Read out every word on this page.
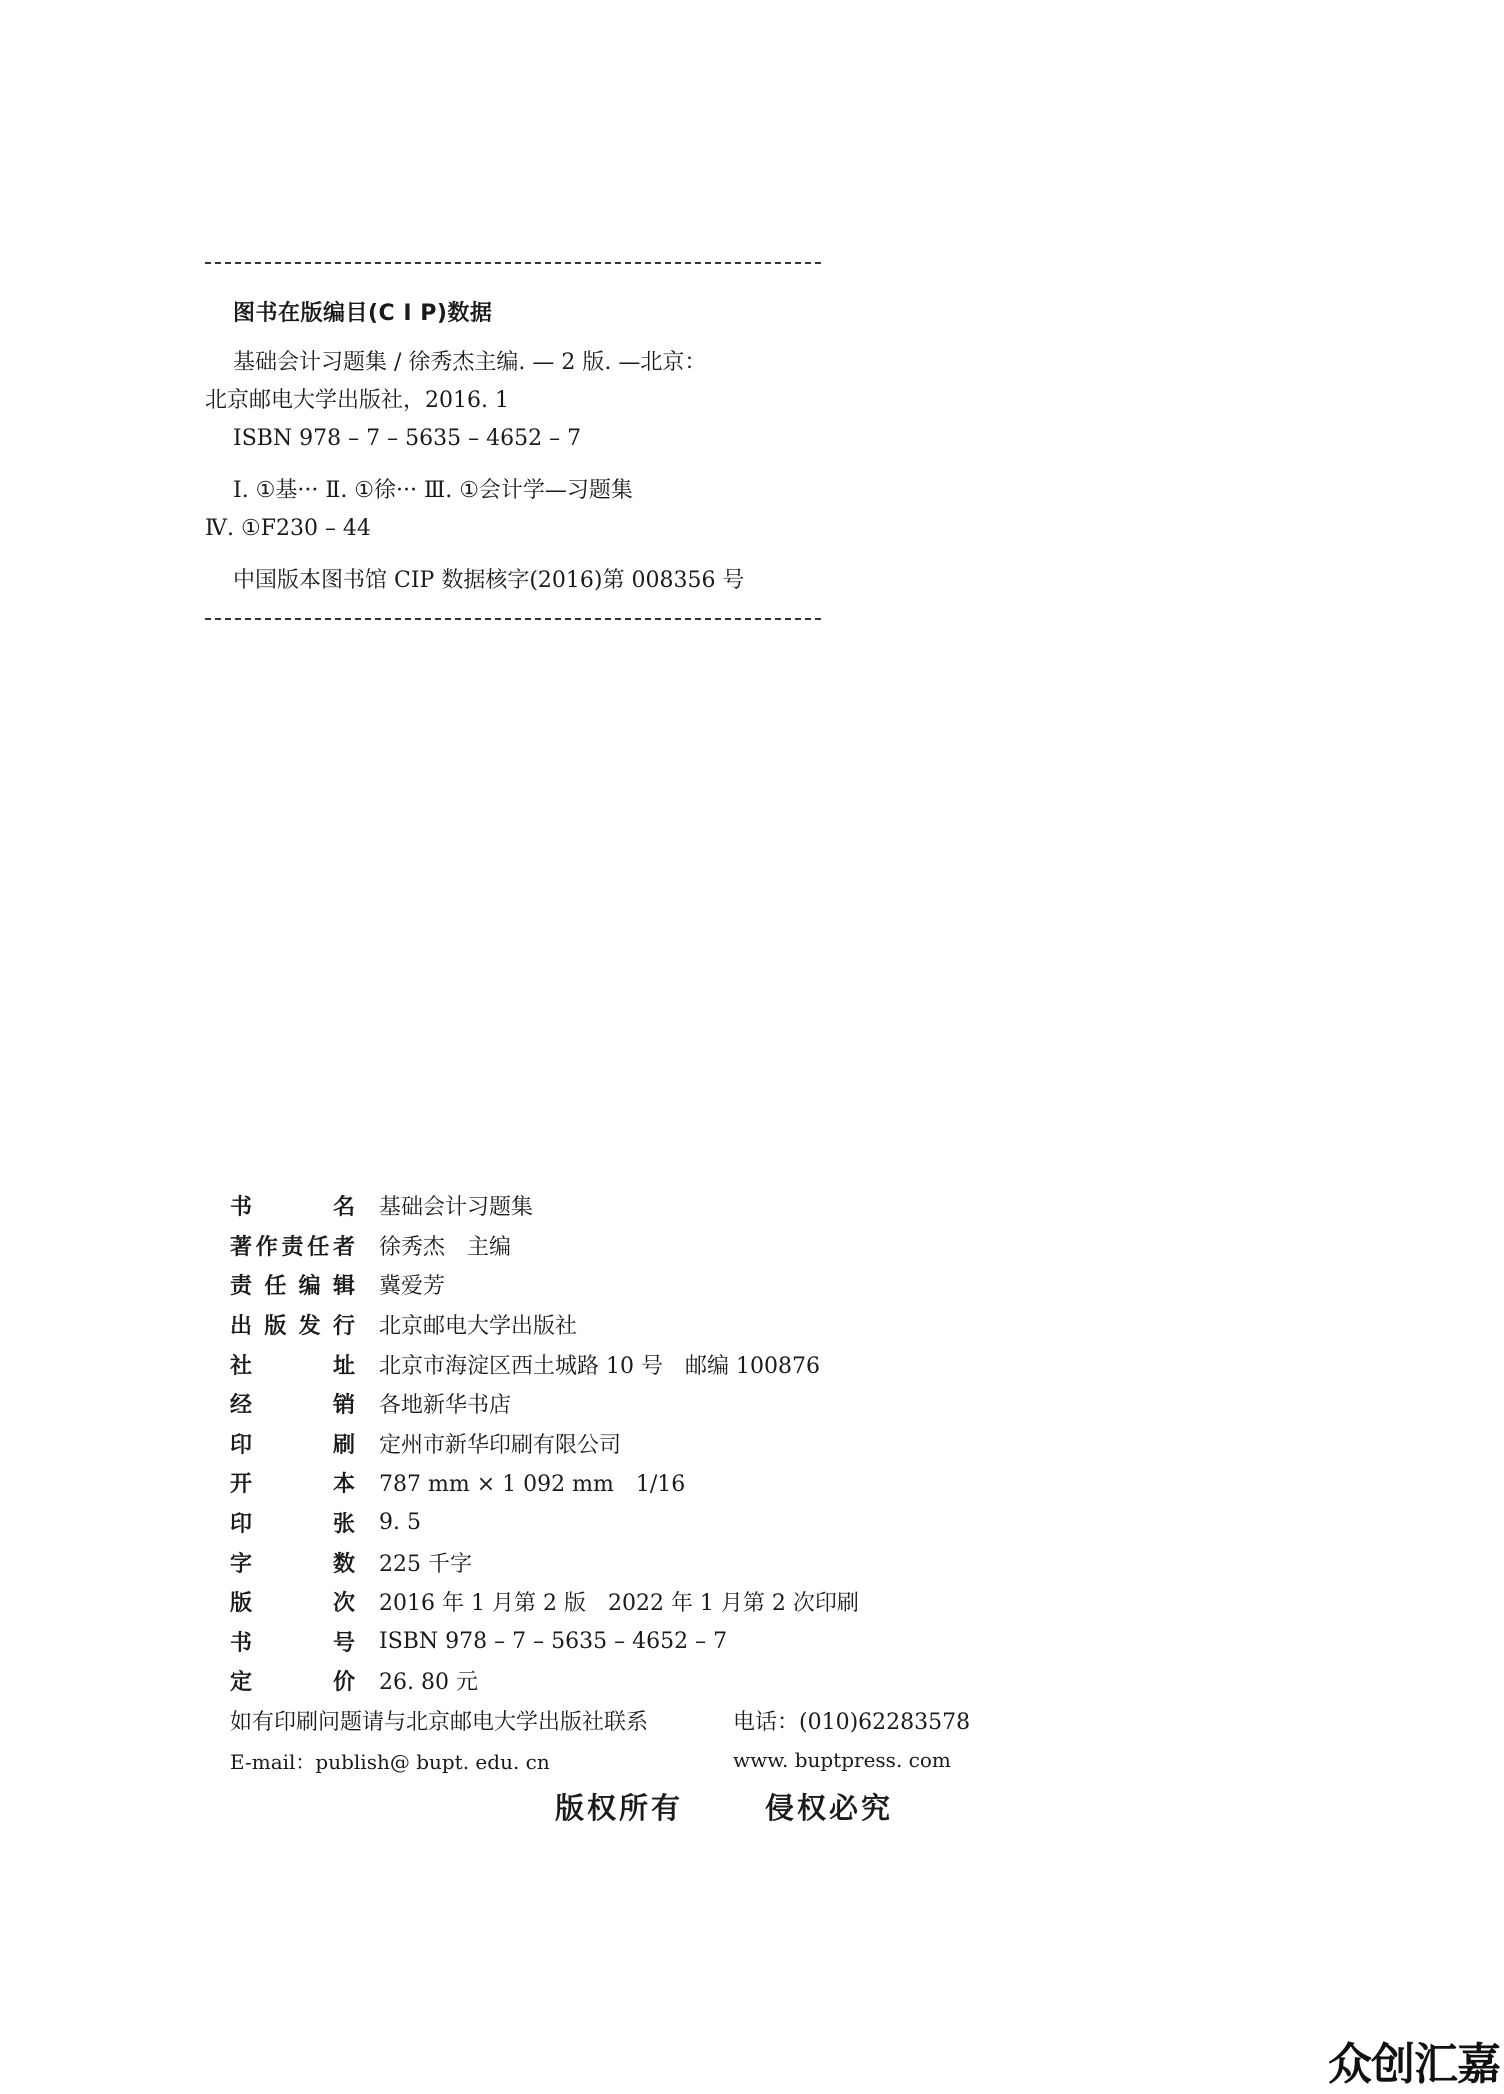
图书在版编目(C I P)数据
基础会计习题集 / 徐秀杰主编. — 2 版. —北京：
北京邮电大学出版社，2016. 1
ISBN 978 – 7 – 5635 – 4652 – 7
Ⅰ. ①基··· Ⅱ. ①徐··· Ⅲ. ①会计学—习题集
Ⅳ. ①F230 – 44
中国版本图书馆 CIP 数据核字(2016)第 008356 号
书	名 基础会计习题集
著 作 责 任 者 徐秀杰　主编
责 任 编 辑 冀爱芳
出 版 发 行 北京邮电大学出版社
社	址 北京市海淀区西土城路 10 号　邮编 100876
经	销 各地新华书店
印	刷 定州市新华印刷有限公司
开	本 787 mm × 1 092 mm　1/16
印	张 9. 5
字	数 225 千字
版	次 2016 年 1 月第 2 版　2022 年 1 月第 2 次印刷
书	号 ISBN 978 – 7 – 5635 – 4652 – 7
定	价 26. 80 元
如有印刷问题请与北京邮电大学出版社联系	电话：(010)62283578
E-mail：publish@ bupt. edu. cn	www. buptpress. com
版权所有	侵权必究
众创汇嘉
